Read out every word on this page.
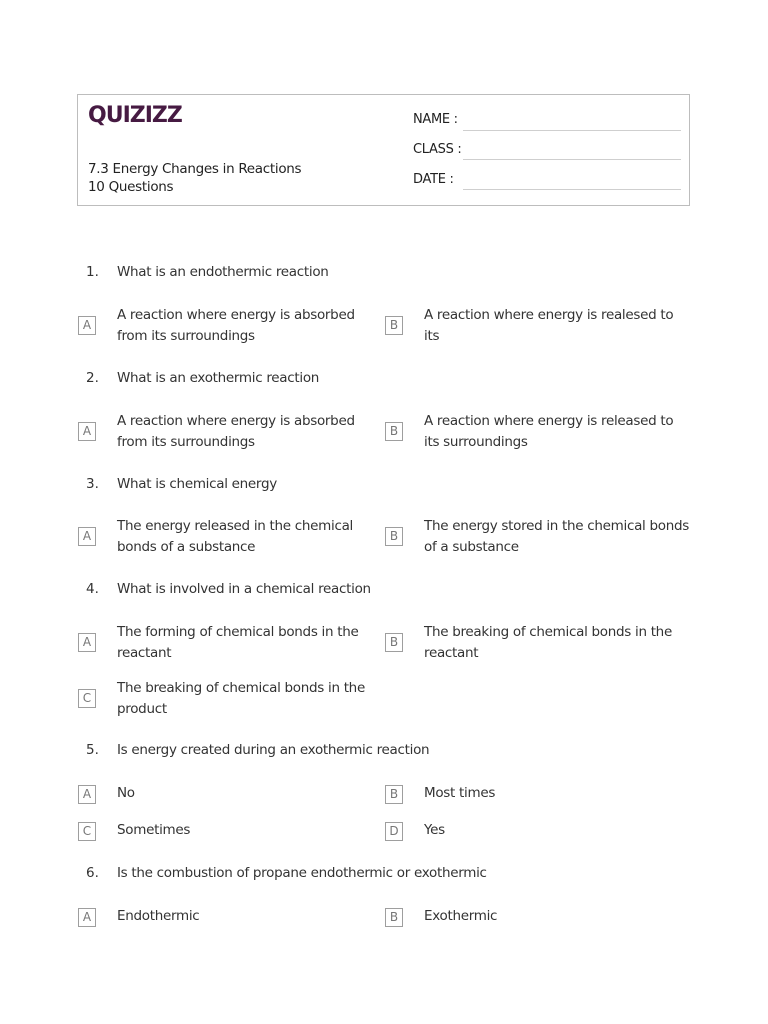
QUIZIZZ
7.3 Energy Changes in Reactions
10 Questions
NAME :
CLASS :
DATE :
1. What is an endothermic reaction
A
A reaction where energy is absorbed from its surroundings
B
A reaction where energy is realesed to its
2. What is an exothermic reaction
A
A reaction where energy is absorbed from its surroundings
B
A reaction where energy is released to its surroundings
3. What is chemical energy
A
The energy released in the chemical bonds of a substance
B
The energy stored in the chemical bonds of a substance
4. What is involved in a chemical reaction
A
The forming of chemical bonds in the reactant
B
The breaking of chemical bonds in the reactant
C
The breaking of chemical bonds in the product
5. Is energy created during an exothermic reaction
A	No	B	Most times
C	Sometimes	D	Yes
6. Is the combustion of propane endothermic or exothermic
A	Endothermic	B	Exothermic
